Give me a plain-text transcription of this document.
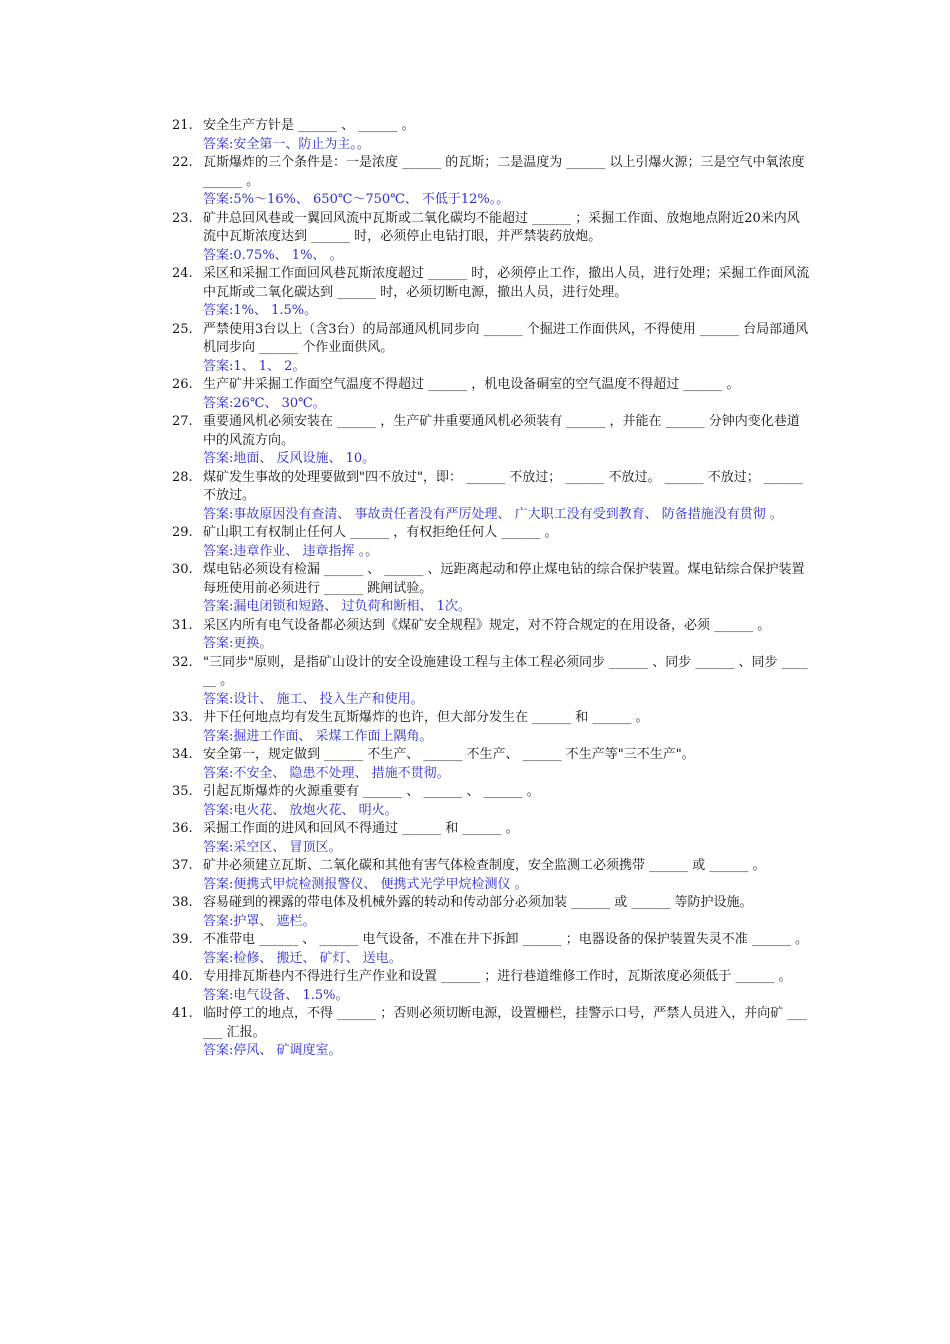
21. 安全生产方针是 ______ 、 ______ 。
答案:安全第一、防止为主。。
22. 瓦斯爆炸的三个条件是：一是浓度 ______ 的瓦斯；二是温度为 ______ 以上引爆火源；三是空气中氧浓度 ______ 。
答案:5%～16%、 650℃～750℃、 不低于12%。。
23. 矿井总回风巷或一翼回风流中瓦斯或二氧化碳均不能超过 ______ ；采掘工作面、放炮地点附近20米内风流中瓦斯浓度达到 ______ 时，必须停止电钻打眼，并严禁装药放炮。
答案:0.75%、 1%、 。
24. 采区和采掘工作面回风巷瓦斯浓度超过 ______ 时，必须停止工作，撤出人员，进行处理；采掘工作面风流中瓦斯或二氧化碳达到 ______ 时，必须切断电源，撤出人员，进行处理。
答案:1%、 1.5%。
25. 严禁使用3台以上（含3台）的局部通风机同步向 ______ 个掘进工作面供风，不得使用 ______ 台局部通风机同步向 ______ 个作业面供风。
答案:1、 1、 2。
26. 生产矿井采掘工作面空气温度不得超过 ______ ，机电设备硐室的空气温度不得超过 ______ 。
答案:26℃、 30℃。
27. 重要通风机必须安装在 ______ ，生产矿井重要通风机必须装有 ______ ，并能在 ______ 分钟内变化巷道中的风流方向。
答案:地面、 反风设施、 10。
28. 煤矿发生事故的处理要做到"四不放过"，即： ______ 不放过； ______ 不放过。 ______ 不放过； ______ 不放过。
答案:事故原因没有查清、 事故责任者没有严厉处理、 广大职工没有受到教育、 防备措施没有贯彻 。
29. 矿山职工有权制止任何人 ______ ，有权拒绝任何人 ______ 。
答案:违章作业、 违章指挥 。。
30. 煤电钻必须设有检漏 ______ 、 ______ 、远距离起动和停止煤电钻的综合保护装置。煤电钻综合保护装置每班使用前必须进行 ______ 跳闸试验。
答案:漏电闭锁和短路、 过负荷和断相、 1次。
31. 采区内所有电气设备都必须达到《煤矿安全规程》规定，对不符合规定的在用设备，必须 ______ 。
答案:更换。
32. "三同步"原则，是指矿山设计的安全设施建设工程与主体工程必须同步 ______ 、同步 ______ 、同步 ______ 。
答案:设计、 施工、 投入生产和使用。
33. 井下任何地点均有发生瓦斯爆炸的也许，但大部分发生在 ______ 和 ______ 。
答案:掘进工作面、 采煤工作面上隅角。
34. 安全第一，规定做到 ______ 不生产、 ______ 不生产、 ______ 不生产等"三不生产"。
答案:不安全、 隐患不处理、 措施不贯彻。
35. 引起瓦斯爆炸的火源重要有 ______ 、 ______ 、 ______ 。
答案:电火花、 放炮火花、 明火。
36. 采掘工作面的进风和回风不得通过 ______ 和 ______ 。
答案:采空区、 冒顶区。
37. 矿井必须建立瓦斯、二氧化碳和其他有害气体检查制度，安全监测工必须携带 ______ 或 ______ 。
答案:便携式甲烷检测报警仪、 便携式光学甲烷检测仪 。
38. 容易碰到的裸露的带电体及机械外露的转动和传动部分必须加装 ______ 或 ______ 等防护设施。
答案:护罩、 遮栏。
39. 不准带电 ______ 、 ______ 电气设备，不准在井下拆卸 ______ ；电器设备的保护装置失灵不准 ______ 。
答案:检修、 搬迁、 矿灯、 送电。
40. 专用排瓦斯巷内不得进行生产作业和设置 ______ ；进行巷道维修工作时，瓦斯浓度必须低于 ______ 。
答案:电气设备、 1.5%。
41. 临时停工的地点，不得 ______ ；否则必须切断电源，设置栅栏，挂警示口号，严禁人员进入，并向矿 ______ 汇报。
答案:停风、 矿调度室。
